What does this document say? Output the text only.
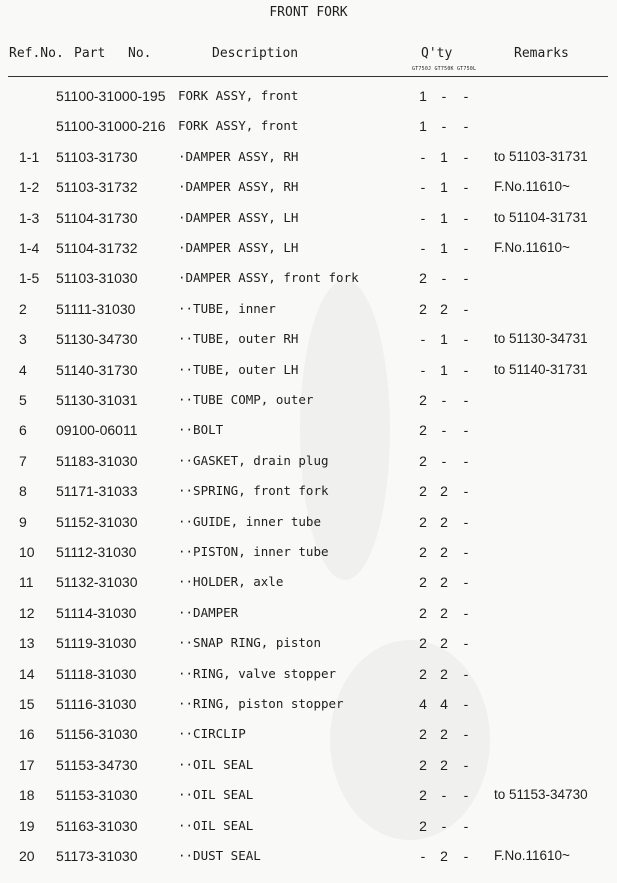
FRONT FORK
Ref.No. Part No.	Description	Q'ty	Remarks
GT750J GT750K GT750L
51100-31000-195 FORK ASSY, front	1	-	-
51100-31000-216 FORK ASSY, front	1	-	-
1-1 51103-31730	·DAMPER ASSY, RH	-	1	-	to 51103-31731
1-2 51103-31732	·DAMPER ASSY, RH	-	1	-	F.No.11610~
1-3 51104-31730	·DAMPER ASSY, LH	-	1	-	to 51104-31731
1-4 51104-31732	·DAMPER ASSY, LH	-	1	-	F.No.11610~
1-5 51103-31030	·DAMPER ASSY, front fork	2	-	-
2 51111-31030	··TUBE, inner	2 2	-
3 51130-34730	··TUBE, outer RH	-	1	-	to 51130-34731
4 51140-31730	··TUBE, outer LH	-	1	-	to 51140-31731
5 51130-31031	··TUBE COMP, outer	2	-	-
6 09100-06011	··BOLT	2	-	-
7 51183-31030	··GASKET, drain plug	2	-	-
8 51171-31033	··SPRING, front fork	2 2	-
9 51152-31030	··GUIDE, inner tube	2 2	-
10 51112-31030	··PISTON, inner tube	2 2	-
11 51132-31030	··HOLDER, axle	2 2	-
12 51114-31030	··DAMPER	2 2	-
13 51119-31030	··SNAP RING, piston	2 2	-
14 51118-31030	··RING, valve stopper	2 2	-
15 51116-31030	··RING, piston stopper	4 4	-
16 51156-31030	··CIRCLIP	2 2	-
17 51153-34730	··OIL SEAL	2 2	-
18 51153-31030	··OIL SEAL	2	-	-	to 51153-34730
19 51163-31030	··OIL SEAL	2	-	-
20 51173-31030	··DUST SEAL	-	2	-	F.No.11610~
